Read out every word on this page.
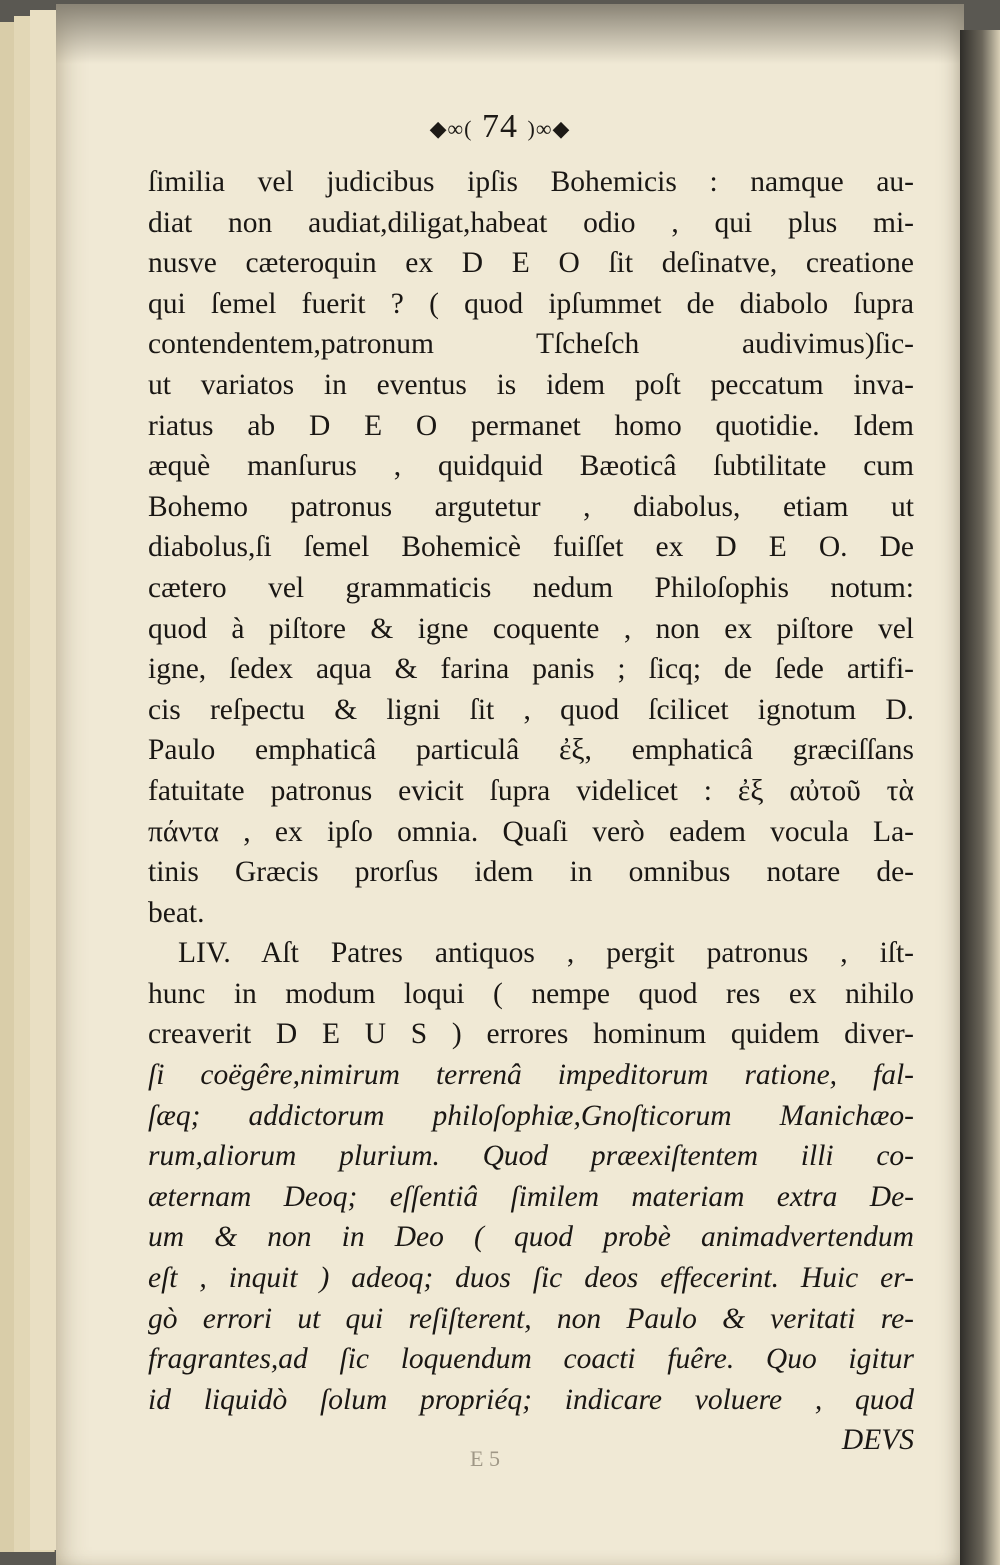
◆∞( 74 )∞◆
ſimilia vel judicibus ipſis Bohemicis : namque au-
diat non audiat,diligat,habeat odio , qui plus mi-
nusve cæteroquin ex D E O ſit deſinatve, creatione
qui ſemel fuerit ? ( quod ipſummet de diabolo ſupra
contendentem,patronum Tſcheſch audivimus)ſic-
ut variatos in eventus is idem poſt peccatum inva-
riatus ab D E O permanet homo quotidie. Idem
æquè manſurus , quidquid Bæoticâ ſubtilitate cum
Bohemo patronus argutetur , diabolus, etiam ut
diabolus,ſi ſemel Bohemicè fuiſſet ex D E O. De
cætero vel grammaticis nedum Philoſophis notum:
quod à piſtore & igne coquente , non ex piſtore vel
igne, ſedex aqua & farina panis ; ſicq; de ſede artifi-
cis reſpectu & ligni ſit , quod ſcilicet ignotum D.
Paulo emphaticâ particulâ ἐξ, emphaticâ græciſſans
fatuitate patronus evicit ſupra videlicet : ἐξ αὐτοῦ τὰ
πάντα , ex ipſo omnia. Quaſi verò eadem vocula La-
tinis Græcis prorſus idem in omnibus notare de-
beat.
LIV. Aſt Patres antiquos , pergit patronus , iſt-
hunc in modum loqui ( nempe quod res ex nihilo
creaverit D E U S ) errores hominum quidem diver-
ſi coëgêre,nimirum terrenâ impeditorum ratione, fal-
ſæq; addictorum philoſophiæ,Gnoſticorum Manichæo-
rum,aliorum plurium. Quod præexiſtentem illi co-
æternam Deoq; eſſentiâ ſimilem materiam extra De-
um & non in Deo ( quod probè animadvertendum
eſt , inquit ) adeoq; duos ſic deos effecerint. Huic er-
gò errori ut qui reſiſterent, non Paulo & veritati re-
fragrantes,ad ſic loquendum coacti fuêre. Quo igitur
id liquidò ſolum propriéq; indicare voluere , quod
DEVS
E 5
